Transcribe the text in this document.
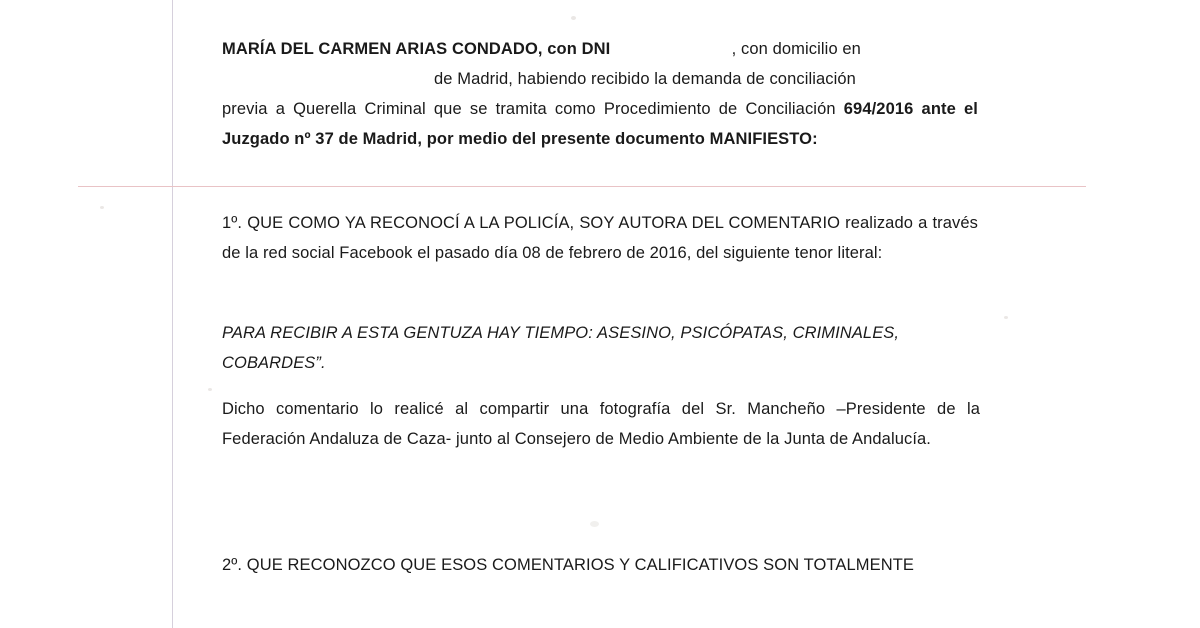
MARÍA DEL CARMEN ARIAS CONDADO, con DNI	, con domicilio en
de Madrid, habiendo recibido la demanda de conciliación
previa a Querella Criminal que se tramita como Procedimiento de Conciliación 694/2016 ante el Juzgado nº 37 de Madrid, por medio del presente documento MANIFIESTO:

1º. QUE COMO YA RECONOCÍ A LA POLICÍA, SOY AUTORA DEL COMENTARIO realizado a través de la red social Facebook el pasado día 08 de febrero de 2016, del siguiente tenor literal:

PARA RECIBIR A ESTA GENTUZA HAY TIEMPO: ASESINO, PSICÓPATAS, CRIMINALES, COBARDES”.

Dicho comentario lo realicé al compartir una fotografía del Sr. Mancheño –Presidente de la Federación Andaluza de Caza- junto al Consejero de Medio Ambiente de la Junta de Andalucía.

2º. QUE RECONOZCO QUE ESOS COMENTARIOS Y CALIFICATIVOS SON TOTALMENTE
